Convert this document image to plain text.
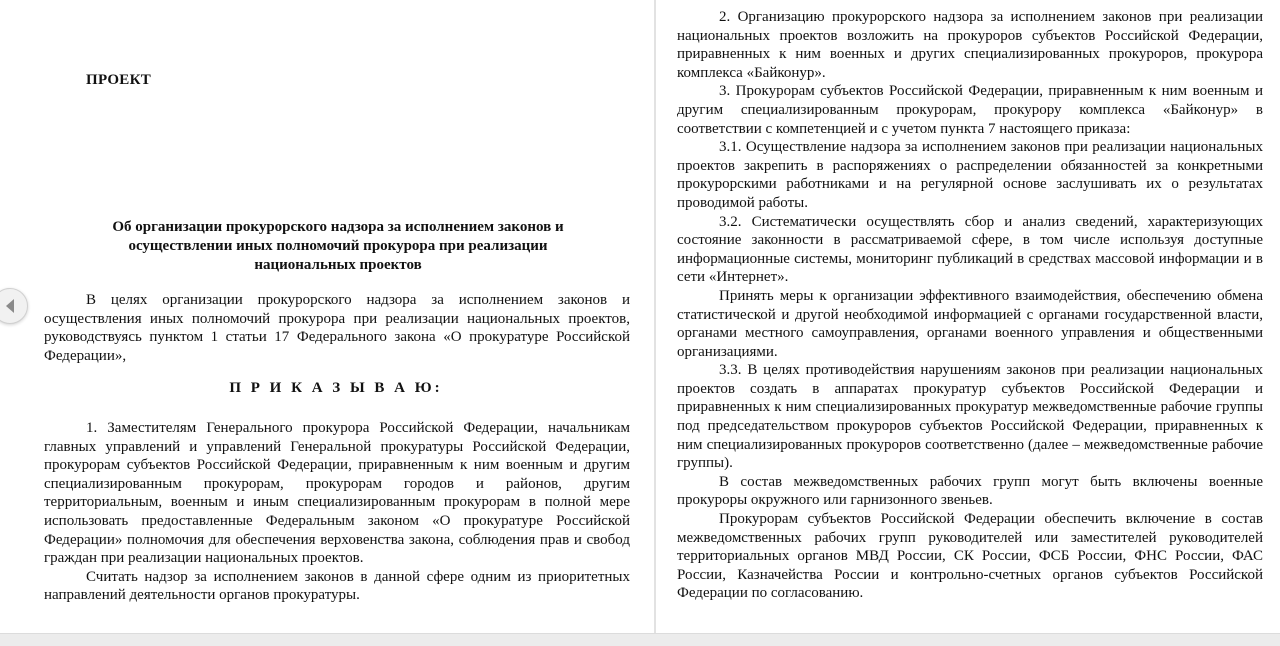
ПРОЕКТ
Об организации прокурорского надзора за исполнением законов и осуществлении иных полномочий прокурора при реализации национальных проектов

В целях организации прокурорского надзора за исполнением законов и осуществления иных полномочий прокурора при реализации национальных проектов, руководствуясь пунктом 1 статьи 17 Федерального закона «О прокуратуре Российской Федерации»,

П Р И К А З Ы В А Ю:

1. Заместителям Генерального прокурора Российской Федерации, начальникам главных управлений и управлений Генеральной прокуратуры Российской Федерации, прокурорам субъектов Российской Федерации, приравненным к ним военным и другим специализированным прокурорам, прокурорам городов и районов, другим территориальным, военным и иным специализированным прокурорам в полной мере использовать предоставленные Федеральным законом «О прокуратуре Российской Федерации» полномочия для обеспечения верховенства закона, соблюдения прав и свобод граждан при реализации национальных проектов.

Считать надзор за исполнением законов в данной сфере одним из приоритетных направлений деятельности органов прокуратуры.

2. Организацию прокурорского надзора за исполнением законов при реализации национальных проектов возложить на прокуроров субъектов Российской Федерации, приравненных к ним военных и других специализированных прокуроров, прокурора комплекса «Байконур».

3. Прокурорам субъектов Российской Федерации, приравненным к ним военным и другим специализированным прокурорам, прокурору комплекса «Байконур» в соответствии с компетенцией и с учетом пункта 7 настоящего приказа:

3.1. Осуществление надзора за исполнением законов при реализации национальных проектов закрепить в распоряжениях о распределении обязанностей за конкретными прокурорскими работниками и на регулярной основе заслушивать их о результатах проводимой работы.

3.2. Систематически осуществлять сбор и анализ сведений, характеризующих состояние законности в рассматриваемой сфере, в том числе используя доступные информационные системы, мониторинг публикаций в средствах массовой информации и в сети «Интернет».

Принять меры к организации эффективного взаимодействия, обеспечению обмена статистической и другой необходимой информацией с органами государственной власти, органами местного самоуправления, органами военного управления и общественными организациями.

3.3. В целях противодействия нарушениям законов при реализации национальных проектов создать в аппаратах прокуратур субъектов Российской Федерации и приравненных к ним специализированных прокуратур межведомственные рабочие группы под председательством прокуроров субъектов Российской Федерации, приравненных к ним специализированных прокуроров соответственно (далее – межведомственные рабочие группы).

В состав межведомственных рабочих групп могут быть включены военные прокуроры окружного или гарнизонного звеньев.

Прокурорам субъектов Российской Федерации обеспечить включение в состав межведомственных рабочих групп руководителей или заместителей руководителей территориальных органов МВД России, СК России, ФСБ России, ФНС России, ФАС России, Казначейства России и контрольно-счетных органов субъектов Российской Федерации по согласованию.
